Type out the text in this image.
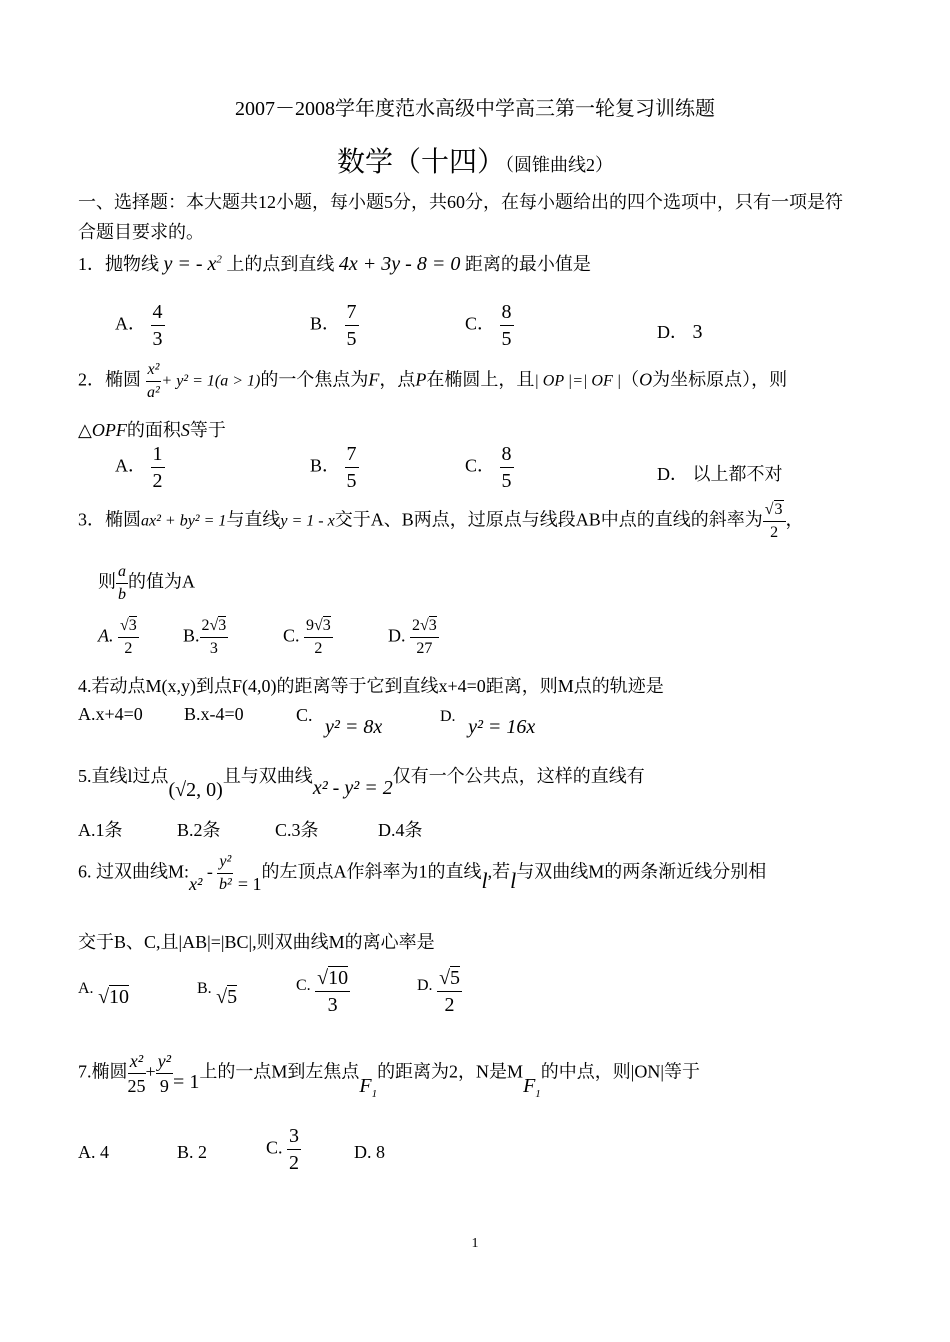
2007－2008学年度范水高级中学高三第一轮复习训练题
数学（十四）（圆锥曲线2）
一、选择题：本大题共12小题，每小题5分，共60分，在每小题给出的四个选项中，只有一项是符
合题目要求的。
1．抛物线 y = - $x^2$ 上的点到直线 4x + 3y - 8 = 0 距离的最小值是
A． $\frac{4}{3}$	B． $\frac{7}{5}$	C． $\frac{8}{5}$	D． 3
2．椭圆 $\frac{\text{x²}}{\text{a²}} + y^2 = 1(a > 1)$的一个焦点为F，点P在椭圆上，且| OP |=| OF |（O为坐标原点），则
△OPF的面积S等于
A． $\frac{1}{2}$	B． $\frac{7}{5}$	C． $\frac{8}{5}$	D． 以上都不对
3．椭圆ax² + by² = 1与直线y = 1 - x交于A、B两点，过原点与线段AB中点的直线的斜率为 $\frac{√3}{2}$ ，
则 $\frac{a}{b}$ 的值为A
A. $\frac{√3}{2} B$. $\frac{2√3}{3}$	C. $\frac{9√3}{2}$	D. $\frac{2√3}{27}$
4.若动点M(x,y)到点F(4,0)的距离等于它到直线x+4=0距离，则M点的轨迹是
A.x+4=0 B.x-4=0	C. y² = 8x	D. y² = 16x
5.直线l过点(√2, 0)且与双曲线x² - y² = 2仅有一个公共点，这样的直线有
A.1条	B.2条	C.3条	D.4条
6. 过双曲线M:x² - $\frac{\text{y²}}{\text{b²}} = 1$的左顶点A作斜率为1的直线l,若l与双曲线M的两条渐近线分别相
交于B、C,且|AB|=|BC|,则双曲线M的离心率是
A. √10	B. √5
C. $\frac{√10}{3}$	D. $\frac{√5}{2}$
7.椭圆 $\frac{\text{x²}}{25} + \frac{\text{y²}}{9} = 1$上的一点M到左焦点$F_1$的距离为2，N是$MF_1$的中点，则|ON|等于
A. 4	B. 2	C. $\frac{3}{2}$	D. 8
1
